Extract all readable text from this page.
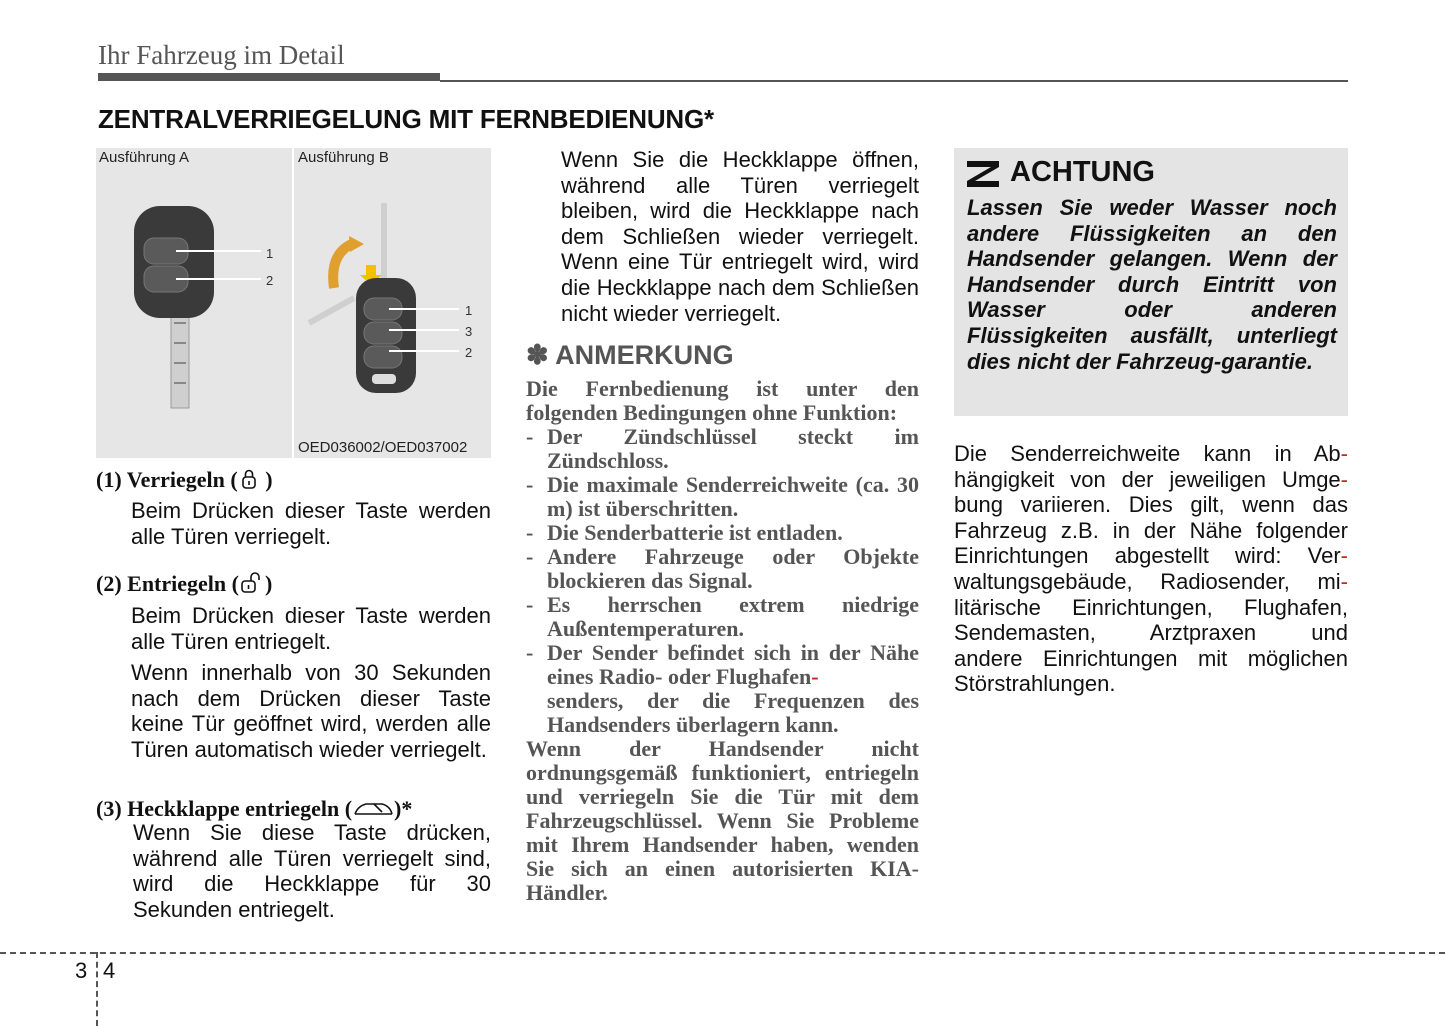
Ihr Fahrzeug im Detail
ZENTRALVERRIEGELUNG MIT FERNBEDIENUNG*
Ausführung A	Ausführung B
OED036002/OED037002
1
2
1
3
2
(1) Verriegeln ( )

Beim Drücken dieser Taste werden alle Türen verriegelt.

(2) Entriegeln ( )

Beim Drücken dieser Taste werden alle Türen entriegelt.

Wenn innerhalb von 30 Sekunden nach dem Drücken dieser Taste keine Tür geöffnet wird, werden alle Türen automatisch wieder verriegelt.

(3) Heckklappe entriegeln ( )*

Wenn Sie diese Taste drücken, während alle Türen verriegelt sind, wird die Heckklappe für 30 Sekunden entriegelt.

Wenn Sie die Heckklappe öffnen, während alle Türen verriegelt bleiben, wird die Heckklappe nach dem Schließen wieder verriegelt. Wenn eine Tür entriegelt wird, wird die Heckklappe nach dem Schließen nicht wieder verriegelt.

✽ ANMERKUNG

Die Fernbedienung ist unter den folgenden Bedingungen ohne Funktion:

- Der Zündschlüssel steckt im Zündschloss.
- Die maximale Senderreichweite (ca. 30 m) ist überschritten.
- Die Senderbatterie ist entladen.
- Andere Fahrzeuge oder Objekte blockieren das Signal.
- Es herrschen extrem niedrige Außentemperaturen.
- Der Sender befindet sich in der Nähe eines Radio- oder Flughafen-
senders, der die Frequenzen des Handsenders überlagern kann.

Wenn der Handsender nicht ordnungsgemäß funktioniert, entriegeln und verriegeln Sie die Tür mit dem Fahrzeugschlüssel. Wenn Sie Probleme mit Ihrem Handsender haben, wenden Sie sich an einen autorisierten KIA-Händler.

ACHTUNG

Lassen Sie weder Wasser noch andere Flüssigkeiten an den Handsender gelangen. Wenn der Handsender durch Eintritt von Wasser oder anderen Flüssigkeiten ausfällt, unterliegt dies nicht der Fahrzeug-garantie.

Die Senderreichweite kann in Ab-
hängigkeit von der jeweiligen Umge-
bung variieren. Dies gilt, wenn das
Fahrzeug z.B. in der Nähe folgender
Einrichtungen abgestellt wird: Ver-
waltungsgebäude, Radiosender, mi-
litärische Einrichtungen, Flughafen,
Sendemasten, Arztpraxen und
andere Einrichtungen mit möglichen
Störstrahlungen.
3 4
